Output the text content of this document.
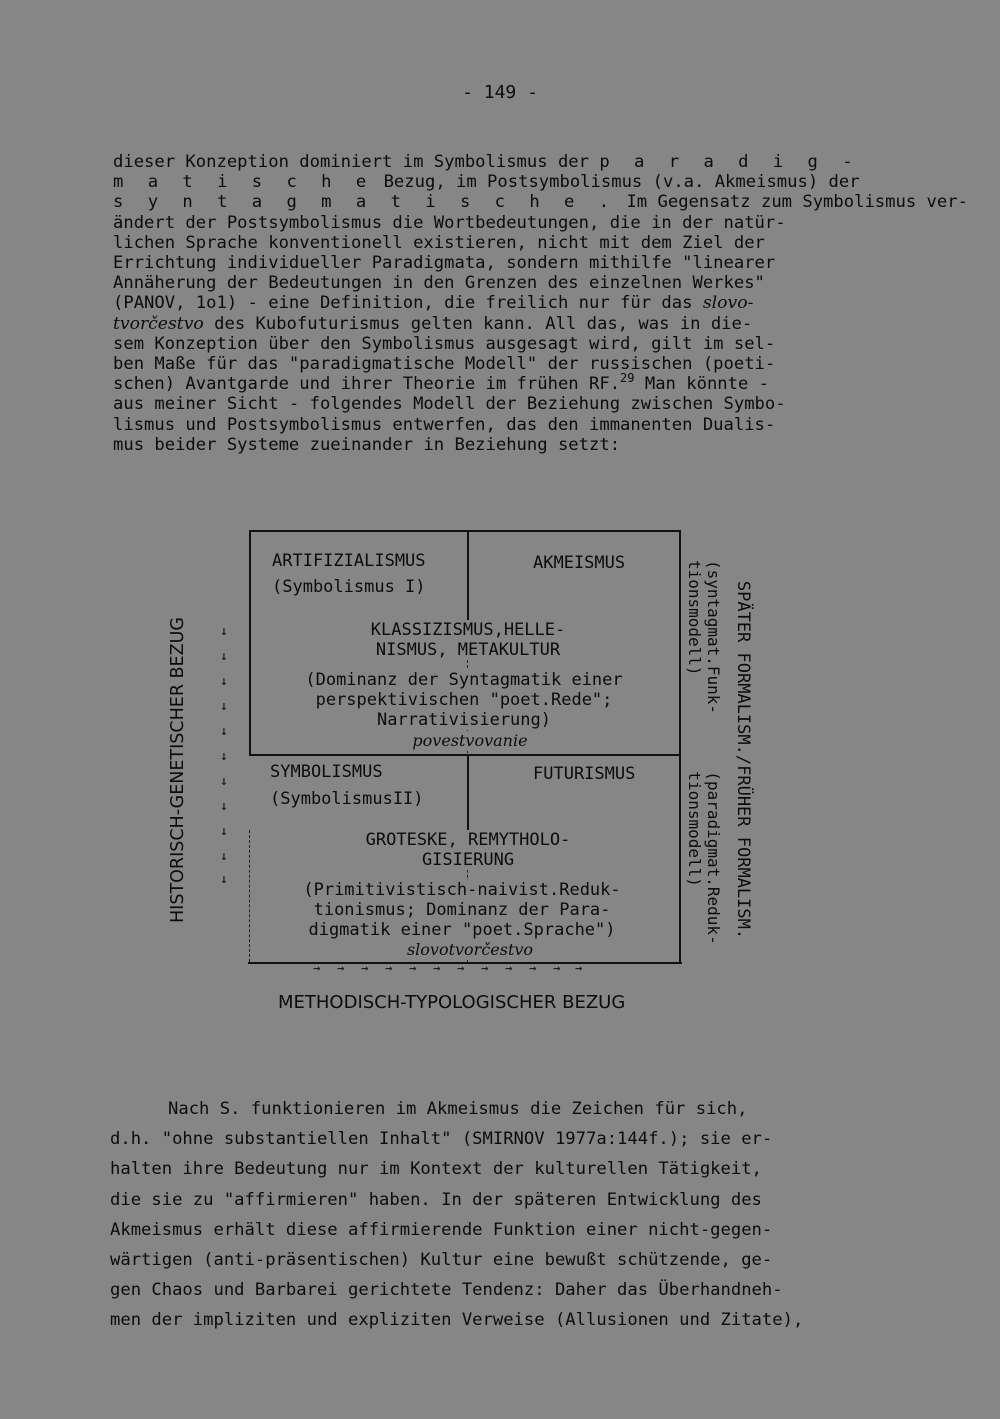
- 149 -
dieser Konzeption dominiert im Symbolismus der p a r a d i g -
m a t i s c h e Bezug, im Postsymbolismus (v.a. Akmeismus) der
s y n t a g m a t i s c h e . Im Gegensatz zum Symbolismus ver-
ändert der Postsymbolismus die Wortbedeutungen, die in der natür-
lichen Sprache konventionell existieren, nicht mit dem Ziel der
Errichtung individueller Paradigmata, sondern mithilfe "linearer
Annäherung der Bedeutungen in den Grenzen des einzelnen Werkes"
(PANOV, 1o1) - eine Definition, die freilich nur für das slovo-
tvorčestvo des Kubofuturismus gelten kann. All das, was in die-
sem Konzeption über den Symbolismus ausgesagt wird, gilt im sel-
ben Maße für das "paradigmatische Modell" der russischen (poeti-
schen) Avantgarde und ihrer Theorie im frühen RF.$^{29}$ Man könnte -
aus meiner Sicht - folgendes Modell der Beziehung zwischen Symbo-
lismus und Postsymbolismus entwerfen, das den immanenten Dualis-
mus beider Systeme zueinander in Beziehung setzt:
ARTIFIZIALISMUS
(Symbolismus I)
AKMEISMUS
KLASSIZISMUS,HELLE-
NISMUS, METAKULTUR
(Dominanz der Syntagmatik einer
perspektivischen "poet.Rede";
Narrativisierung)
povestvovanie
SYMBOLISMUS
(SymbolismusII)
FUTURISMUS
GROTESKE, REMYTHOLO-
GISIERUNG
(Primitivistisch-naivist.Reduk-
tionismus; Dominanz der Para-
digmatik einer "poet.Sprache")
slovotvorčestvo
HISTORISCH-GENETISCHER BEZUG ↓
↓
↓
↓
↓
↓
↓
↓
↓
↓
↓
→ → → → → → → → → → → →
METHODISCH-TYPOLOGISCHER BEZUG
SPÄTER FORMALISM./FRÜHER FORMALISM.
(syntagmat.Funk-
tionsmodell)
(paradigmat.Reduk-
tionsmodell)
Nach S. funktionieren im Akmeismus die Zeichen für sich,
d.h. "ohne substantiellen Inhalt" (SMIRNOV 1977a:144f.); sie er-
halten ihre Bedeutung nur im Kontext der kulturellen Tätigkeit,
die sie zu "affirmieren" haben. In der späteren Entwicklung des
Akmeismus erhält diese affirmierende Funktion einer nicht-gegen-
wärtigen (anti-präsentischen) Kultur eine bewußt schützende, ge-
gen Chaos und Barbarei gerichtete Tendenz: Daher das Überhandneh-
men der impliziten und expliziten Verweise (Allusionen und Zitate),
